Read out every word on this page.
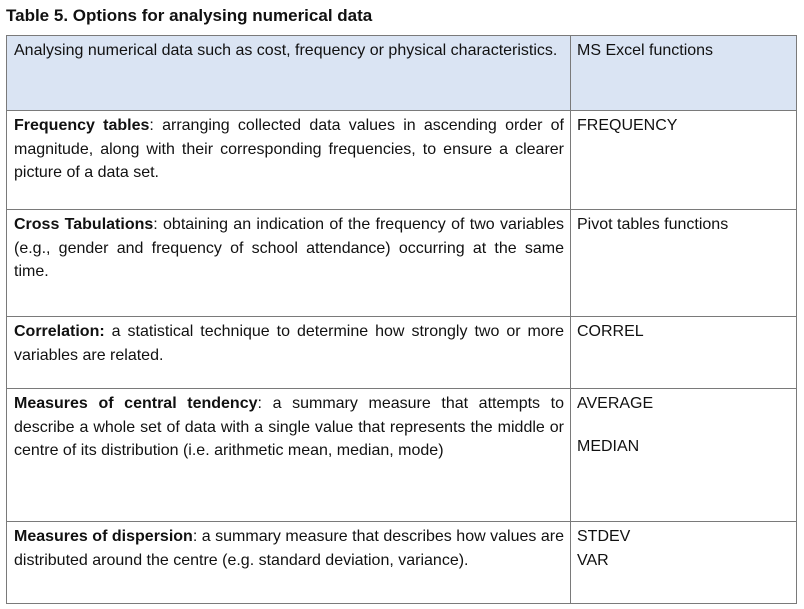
Table 5. Options for analysing numerical data
Analysing numerical data such as cost, frequency or physical characteristics.	MS Excel functions
Frequency tables: arranging collected data values in ascending order of magnitude, along with their corresponding frequencies, to ensure a clearer picture of a data set.	FREQUENCY

Cross Tabulations: obtaining an indication of the frequency of two variables (e.g., gender and frequency of school attendance) occurring at the same time.	Pivot tables functions

Correlation: a statistical technique to determine how strongly two or more variables are related.	CORREL

Measures of central tendency: a summary measure that attempts to describe a whole set of data with a single value that represents the middle or centre of its distribution (i.e. arithmetic mean, median, mode)	AVERAGE
MEDIAN

Measures of dispersion: a summary measure that describes how values are distributed around the centre (e.g. standard deviation, variance).	STDEV
VAR
